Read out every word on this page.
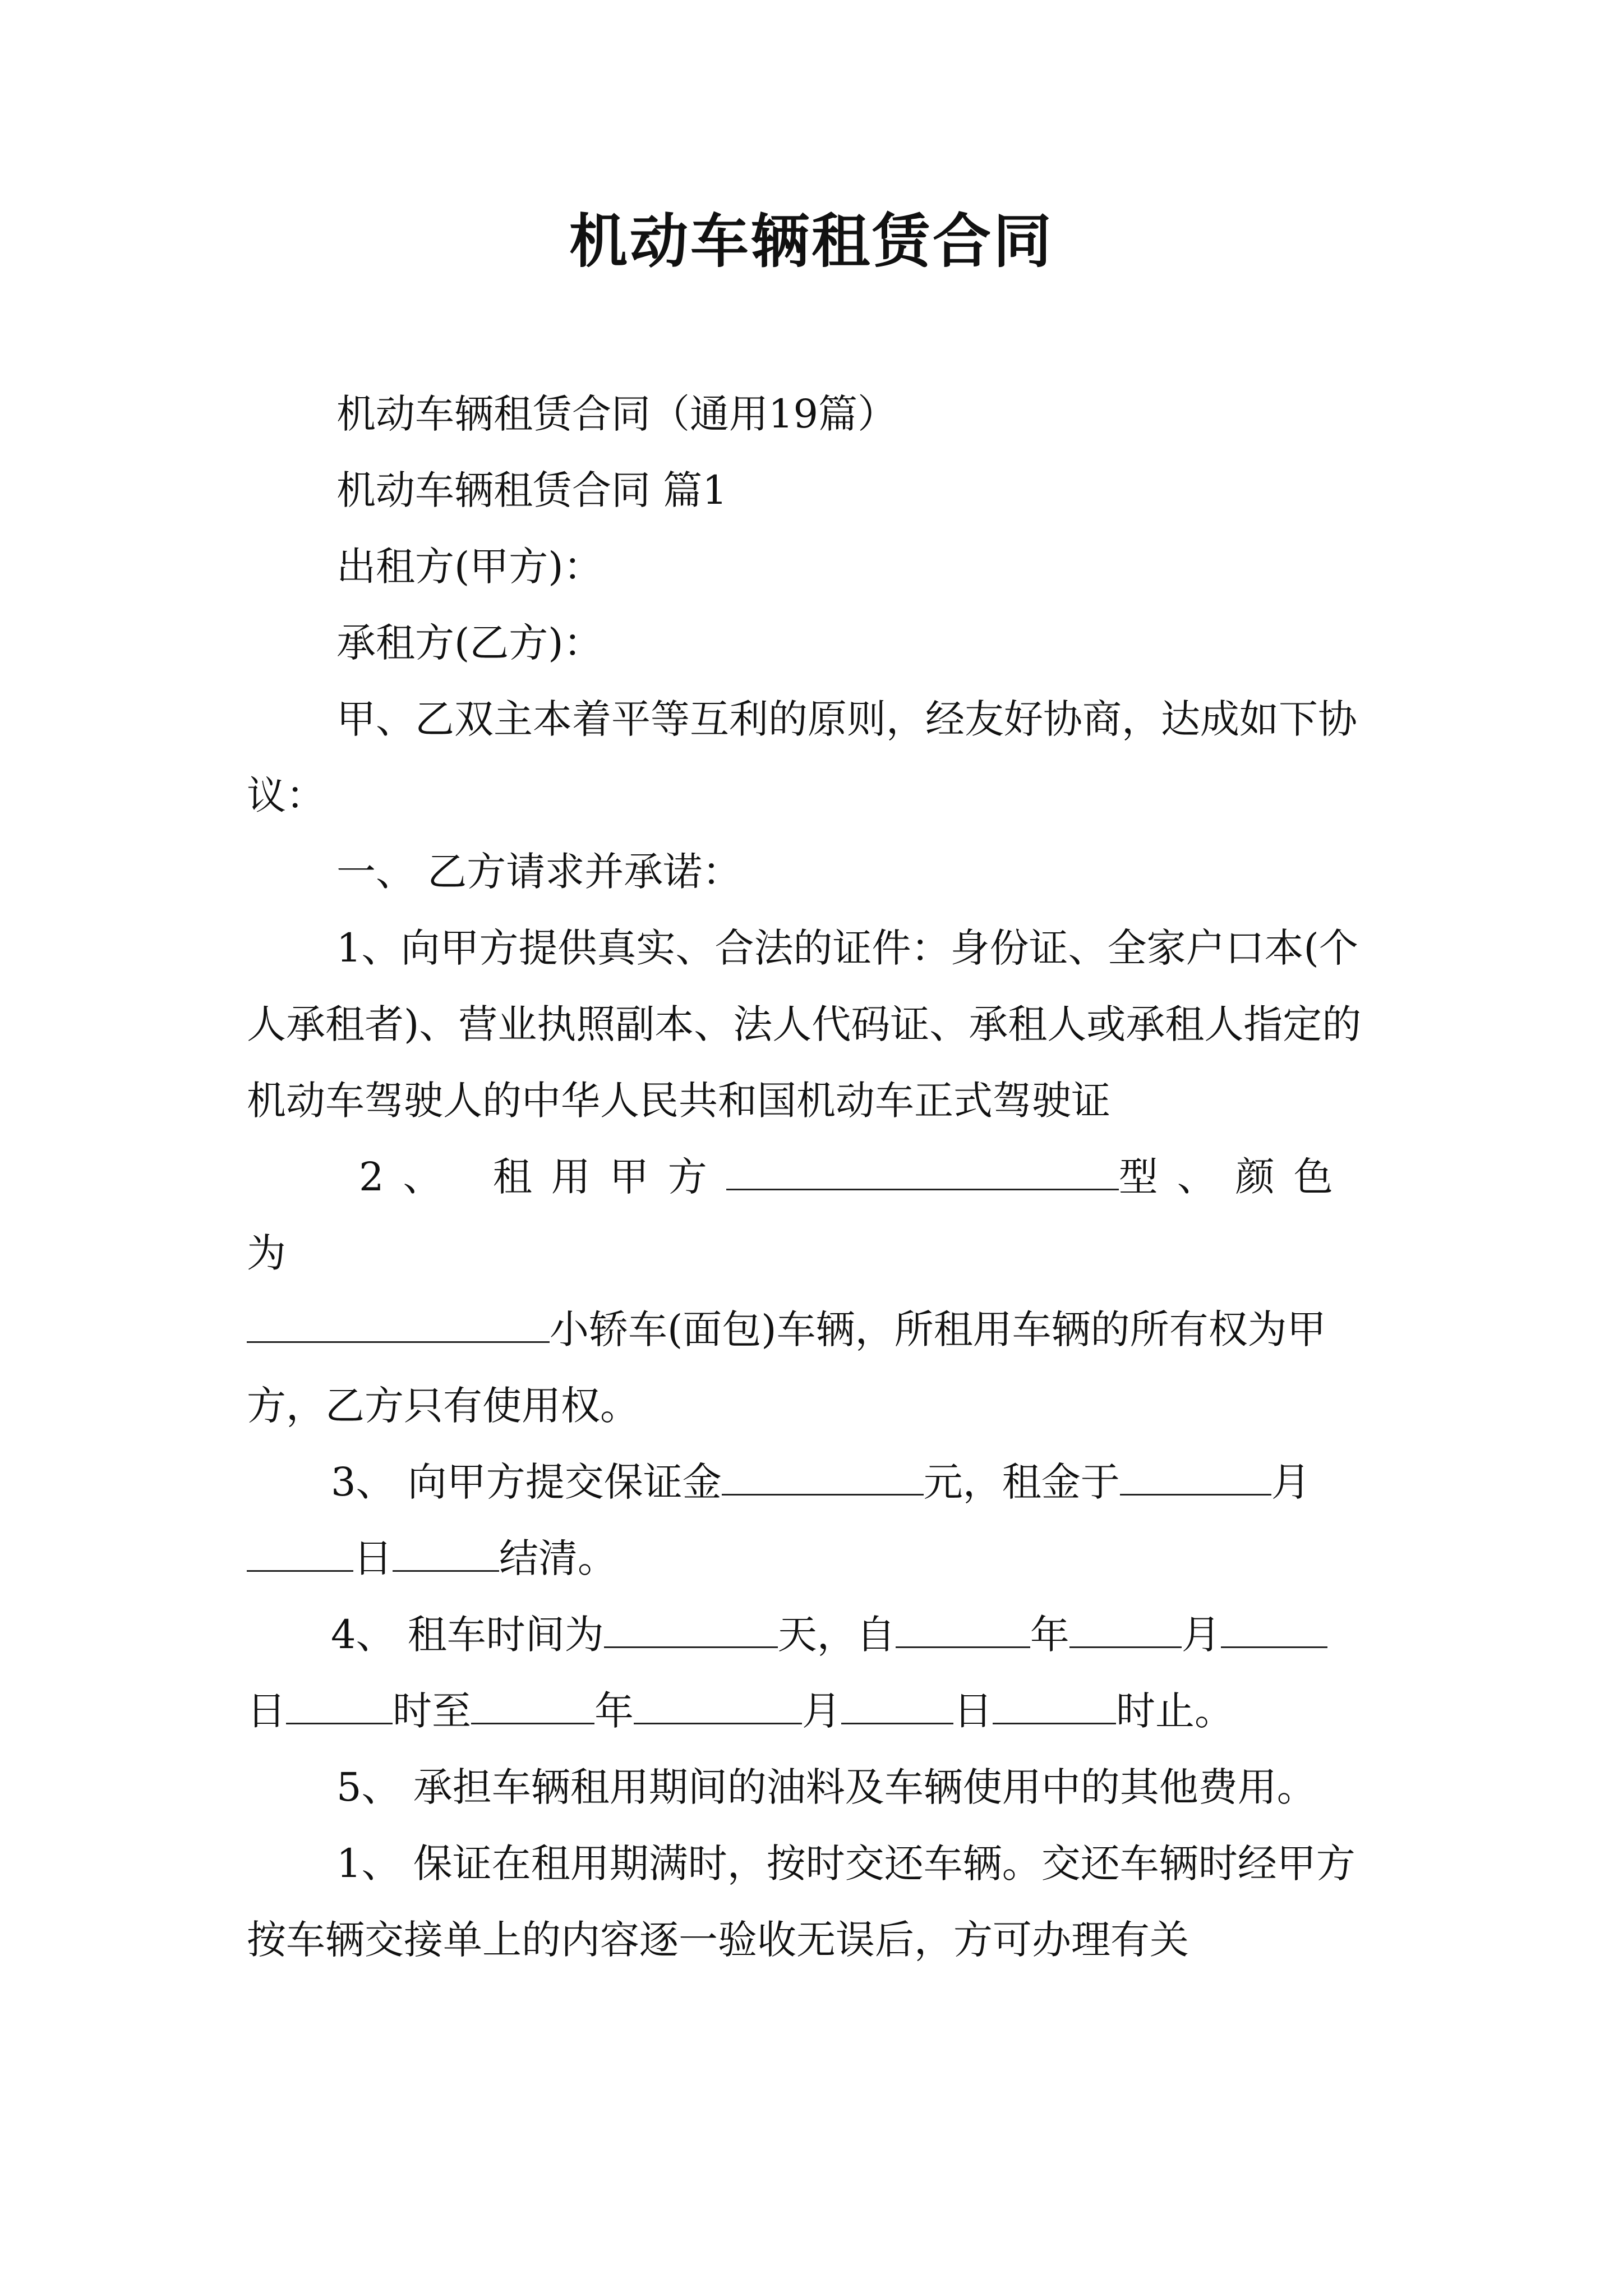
机动车辆租赁合同

机动车辆租赁合同（通用19篇）

机动车辆租赁合同 篇1

出租方(甲方)：

承租方(乙方)：

甲、乙双主本着平等互利的原则，经友好协商，达成如下协议：

一、 乙方请求并承诺：

1、向甲方提供真实、合法的证件：身份证、全家户口本(个人承租者)、营业执照副本、法人代码证、承租人或承租人指定的机动车驾驶人的中华人民共和国机动车正式驾驶证

2、 租用甲方	型、颜色为
小轿车(面包)车辆，所租用车辆的所有权为甲方，乙方只有使用权。

3、 向甲方提交保证金	元，租金于	月
日	结清。

4、 租车时间为	天，自	年	月
日	时至	年	月	日	时止。

5、 承担车辆租用期间的油料及车辆使用中的其他费用。

1、 保证在租用期满时，按时交还车辆。交还车辆时经甲方按车辆交接单上的内容逐一验收无误后，方可办理有关
